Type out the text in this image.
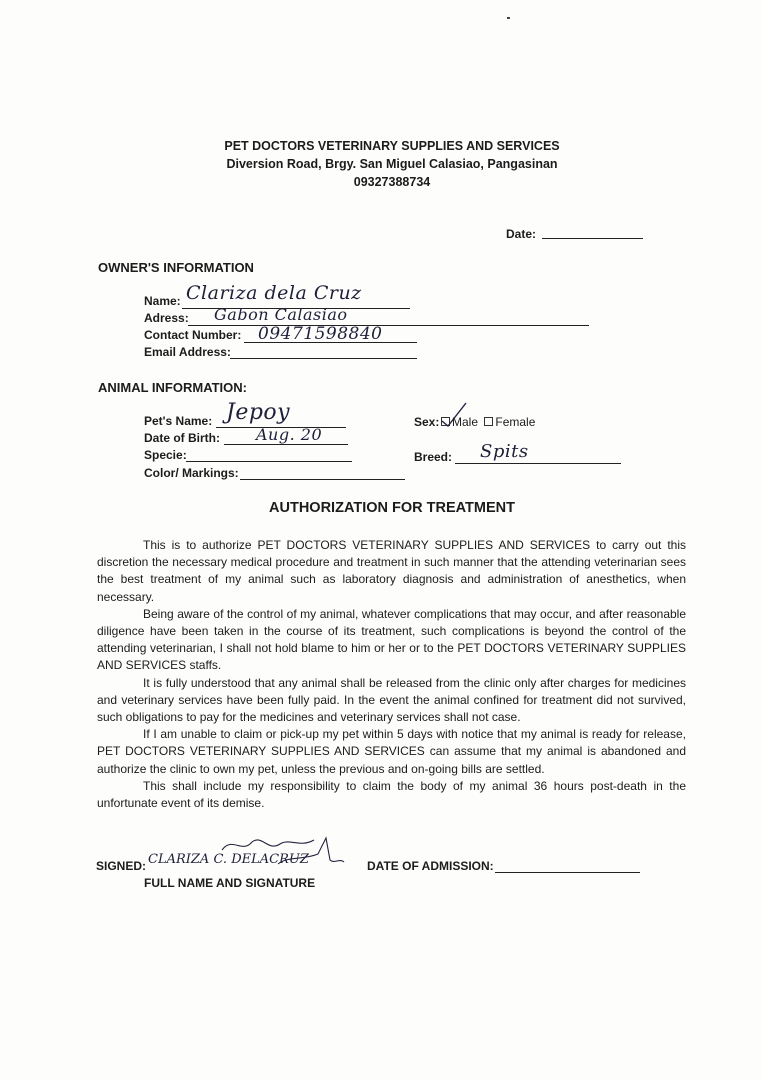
PET DOCTORS VETERINARY SUPPLIES AND SERVICES
Diversion Road, Brgy. San Miguel Calasiao, Pangasinan
09327388734
Date:
OWNER'S INFORMATION
Name: Clariza dela Cruz
Adress: Gabon Calasiao
Contact Number: 09471598840
Email Address:
ANIMAL INFORMATION:
Pet's Name: Jepoy
Date of Birth: Aug. 20
Specie:
Color/ Markings:
Sex:	Male Female
Breed: Spits
AUTHORIZATION FOR TREATMENT

This is to authorize PET DOCTORS VETERINARY SUPPLIES AND SERVICES to carry out this discretion the necessary medical procedure and treatment in such manner that the attending veterinarian sees the best treatment of my animal such as laboratory diagnosis and administration of anesthetics, when necessary.

Being aware of the control of my animal, whatever complications that may occur, and after reasonable diligence have been taken in the course of its treatment, such complications is beyond the control of the attending veterinarian, I shall not hold blame to him or her or to the PET DOCTORS VETERINARY SUPPLIES AND SERVICES staffs.

It is fully understood that any animal shall be released from the clinic only after charges for medicines and veterinary services have been fully paid. In the event the animal confined for treatment did not survived, such obligations to pay for the medicines and veterinary services shall not case.

If I am unable to claim or pick-up my pet within 5 days with notice that my animal is ready for release, PET DOCTORS VETERINARY SUPPLIES AND SERVICES can assume that my animal is abandoned and authorize the clinic to own my pet, unless the previous and on-going bills are settled.

This shall include my responsibility to claim the body of my animal 36 hours post-death in the unfortunate event of its demise.

SIGNED: CLARIZA C. DELACRUZ
FULL NAME AND SIGNATURE
DATE OF ADMISSION:
